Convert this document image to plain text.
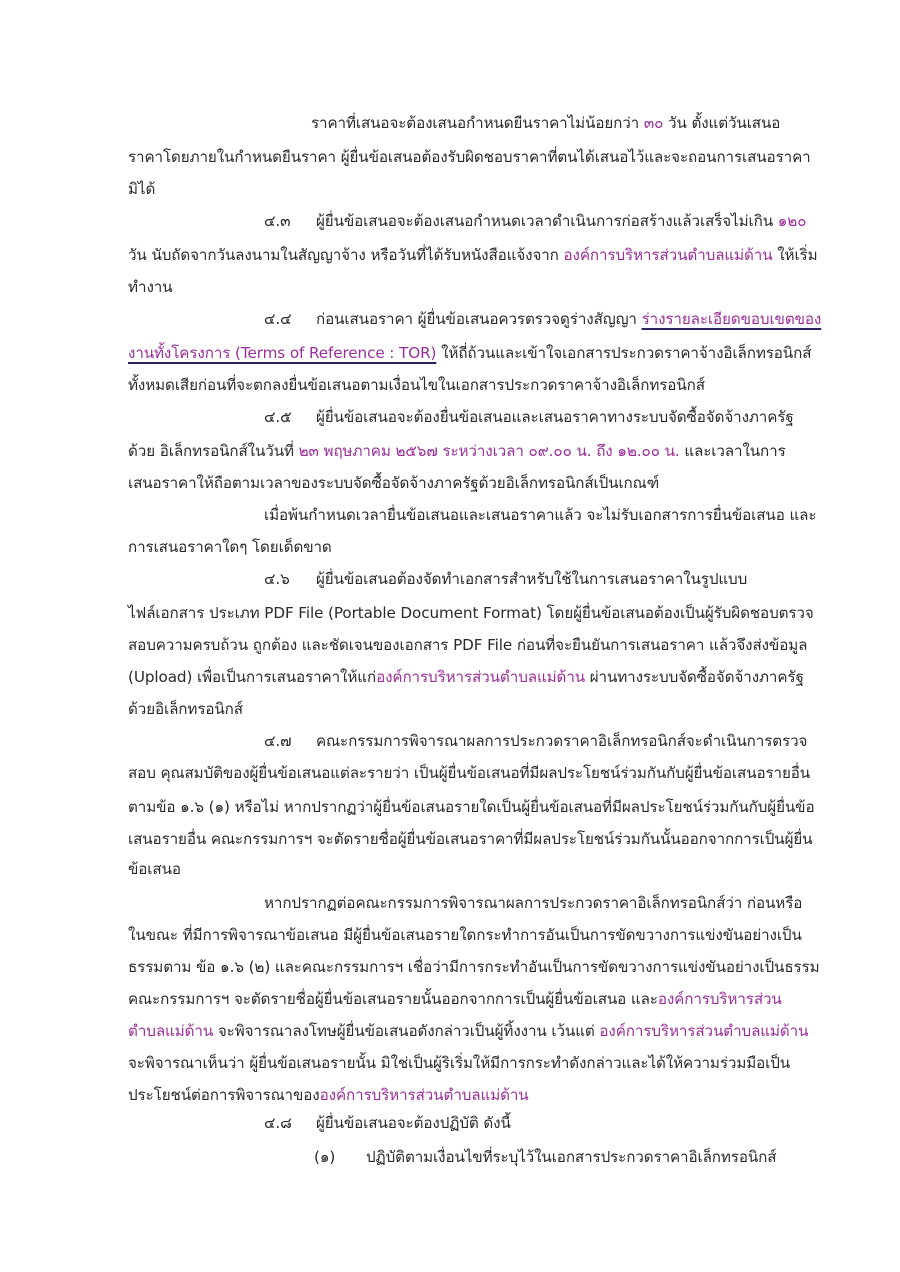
ราคาที่เสนอจะต้องเสนอกำหนดยืนราคาไม่น้อยกว่า ๓๐ วัน ตั้งแต่วันเสนอ
ราคาโดยภายในกำหนดยืนราคา ผู้ยื่นข้อเสนอต้องรับผิดชอบราคาที่ตนได้เสนอไว้และจะถอนการเสนอราคา
มิได้
๔.๓ ผู้ยื่นข้อเสนอจะต้องเสนอกำหนดเวลาดำเนินการก่อสร้างแล้วเสร็จไม่เกิน ๑๒๐
วัน นับถัดจากวันลงนามในสัญญาจ้าง หรือวันที่ได้รับหนังสือแจ้งจาก องค์การบริหารส่วนตำบลแม่ด้าน ให้เริ่ม
ทำงาน
๔.๔ ก่อนเสนอราคา ผู้ยื่นข้อเสนอควรตรวจดูร่างสัญญา ร่างรายละเอียดขอบเขตของ
งานทั้งโครงการ (Terms of Reference : TOR) ให้ถี่ถ้วนและเข้าใจเอกสารประกวดราคาจ้างอิเล็กทรอนิกส์
ทั้งหมดเสียก่อนที่จะตกลงยื่นข้อเสนอตามเงื่อนไขในเอกสารประกวดราคาจ้างอิเล็กทรอนิกส์
๔.๕ ผู้ยื่นข้อเสนอจะต้องยื่นข้อเสนอและเสนอราคาทางระบบจัดซื้อจัดจ้างภาครัฐ
ด้วย อิเล็กทรอนิกส์ในวันที่ ๒๓ พฤษภาคม ๒๕๖๗ ระหว่างเวลา ๐๙.๐๐ น. ถึง ๑๒.๐๐ น. และเวลาในการ
เสนอราคาให้ถือตามเวลาของระบบจัดซื้อจัดจ้างภาครัฐด้วยอิเล็กทรอนิกส์เป็นเกณฑ์
เมื่อพ้นกำหนดเวลายื่นข้อเสนอและเสนอราคาแล้ว จะไม่รับเอกสารการยื่นข้อเสนอ และ
การเสนอราคาใดๆ โดยเด็ดขาด
๔.๖ ผู้ยื่นข้อเสนอต้องจัดทำเอกสารสำหรับใช้ในการเสนอราคาในรูปแบบ
ไฟล์เอกสาร ประเภท PDF File (Portable Document Format) โดยผู้ยื่นข้อเสนอต้องเป็นผู้รับผิดชอบตรวจ
สอบความครบถ้วน ถูกต้อง และชัดเจนของเอกสาร PDF File ก่อนที่จะยืนยันการเสนอราคา แล้วจึงส่งข้อมูล
(Upload) เพื่อเป็นการเสนอราคาให้แก่องค์การบริหารส่วนตำบลแม่ด้าน ผ่านทางระบบจัดซื้อจัดจ้างภาครัฐ
ด้วยอิเล็กทรอนิกส์
๔.๗ คณะกรรมการพิจารณาผลการประกวดราคาอิเล็กทรอนิกส์จะดำเนินการตรวจ
สอบ คุณสมบัติของผู้ยื่นข้อเสนอแต่ละรายว่า เป็นผู้ยื่นข้อเสนอที่มีผลประโยชน์ร่วมกันกับผู้ยื่นข้อเสนอรายอื่น
ตามข้อ ๑.๖ (๑) หรือไม่ หากปรากฏว่าผู้ยื่นข้อเสนอรายใดเป็นผู้ยื่นข้อเสนอที่มีผลประโยชน์ร่วมกันกับผู้ยื่นข้อ
เสนอรายอื่น คณะกรรมการฯ จะตัดรายชื่อผู้ยื่นข้อเสนอราคาที่มีผลประโยชน์ร่วมกันนั้นออกจากการเป็นผู้ยื่น
ข้อเสนอ
หากปรากฏต่อคณะกรรมการพิจารณาผลการประกวดราคาอิเล็กทรอนิกส์ว่า ก่อนหรือ
ในขณะ ที่มีการพิจารณาข้อเสนอ มีผู้ยื่นข้อเสนอรายใดกระทำการอันเป็นการขัดขวางการแข่งขันอย่างเป็น
ธรรมตาม ข้อ ๑.๖ (๒) และคณะกรรมการฯ เชื่อว่ามีการกระทำอันเป็นการขัดขวางการแข่งขันอย่างเป็นธรรม
คณะกรรมการฯ จะตัดรายชื่อผู้ยื่นข้อเสนอรายนั้นออกจากการเป็นผู้ยื่นข้อเสนอ และองค์การบริหารส่วน
ตำบลแม่ด้าน จะพิจารณาลงโทษผู้ยื่นข้อเสนอดังกล่าวเป็นผู้ทิ้งงาน เว้นแต่ องค์การบริหารส่วนตำบลแม่ด้าน
จะพิจารณาเห็นว่า ผู้ยื่นข้อเสนอรายนั้น มิใช่เป็นผู้ริเริ่มให้มีการกระทำดังกล่าวและได้ให้ความร่วมมือเป็น
ประโยชน์ต่อการพิจารณาขององค์การบริหารส่วนตำบลแม่ด้าน
๔.๘ ผู้ยื่นข้อเสนอจะต้องปฏิบัติ ดังนี้
(๑) ปฏิบัติตามเงื่อนไขที่ระบุไว้ในเอกสารประกวดราคาอิเล็กทรอนิกส์
